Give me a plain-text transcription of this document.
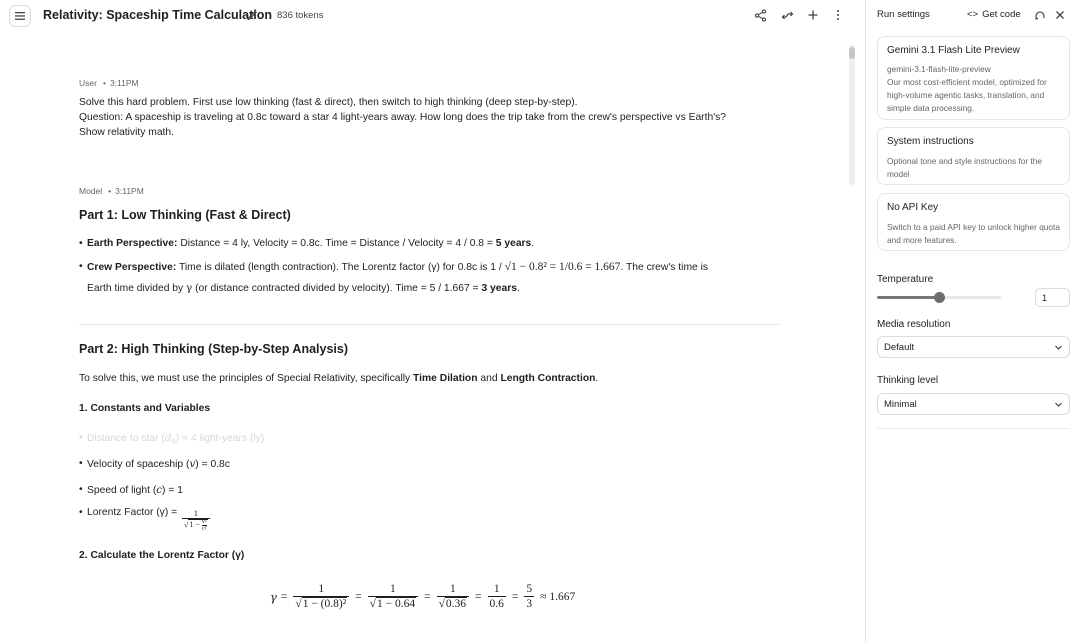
Relativity: Spaceship Time Calculation 836 tokens
User • 3:11PM
Solve this hard problem. First use low thinking (fast & direct), then switch to high thinking (deep step-by-step).
Question: A spaceship is traveling at 0.8c toward a star 4 light-years away. How long does the trip take from the crew's perspective vs Earth's?
Show relativity math.
Model • 3:11PM
Part 1: Low Thinking (Fast & Direct)
• Earth Perspective: Distance = 4 ly, Velocity = 0.8c. Time = Distance / Velocity = 4 / 0.8 = 5 years.
• Crew Perspective: Time is dilated (length contraction). The Lorentz factor (γ) for 0.8c is 1 / √1 − 0.8² = 1/0.6 = 1.667. The crew's time is
• Earth time divided by γ (or distance contracted divided by velocity). Time = 5 / 1.667 = 3 years.
Part 2: High Thinking (Step-by-Step Analysis)
To solve this, we must use the principles of Special Relativity, specifically Time Dilation and Length Contraction.
1. Constants and Variables
• Distance to star $(d_0) = 4$ light-years (ly)
• Velocity of spaceship (v) = 0.8c
• Speed of light (c) = 1
• Lorentz Factor $(\gamma) = \frac{1}{√1 - \frac{\text{v²}}{\text{c²}}}$
2. Calculate the Lorentz Factor (γ)
$\gamma = \frac{1}{\text{√1 − (0.8)²}} = \frac{1}{√1 - 0.64} = \frac{1}{√0.36} = \frac{1}{0.6} = \frac{5}{3} \approx 1.667$
Run settings	<> Get code
Gemini 3.1 Flash Lite Preview
gemini-3.1-flash-lite-preview
Our most cost-efficient model, optimized for high-volume agentic tasks, translation, and simple data processing.
System instructions
Optional tone and style instructions for the model
No API Key
Switch to a paid API key to unlock higher quota and more features.
Temperature
1
Media resolution
Default
Thinking level
Minimal
